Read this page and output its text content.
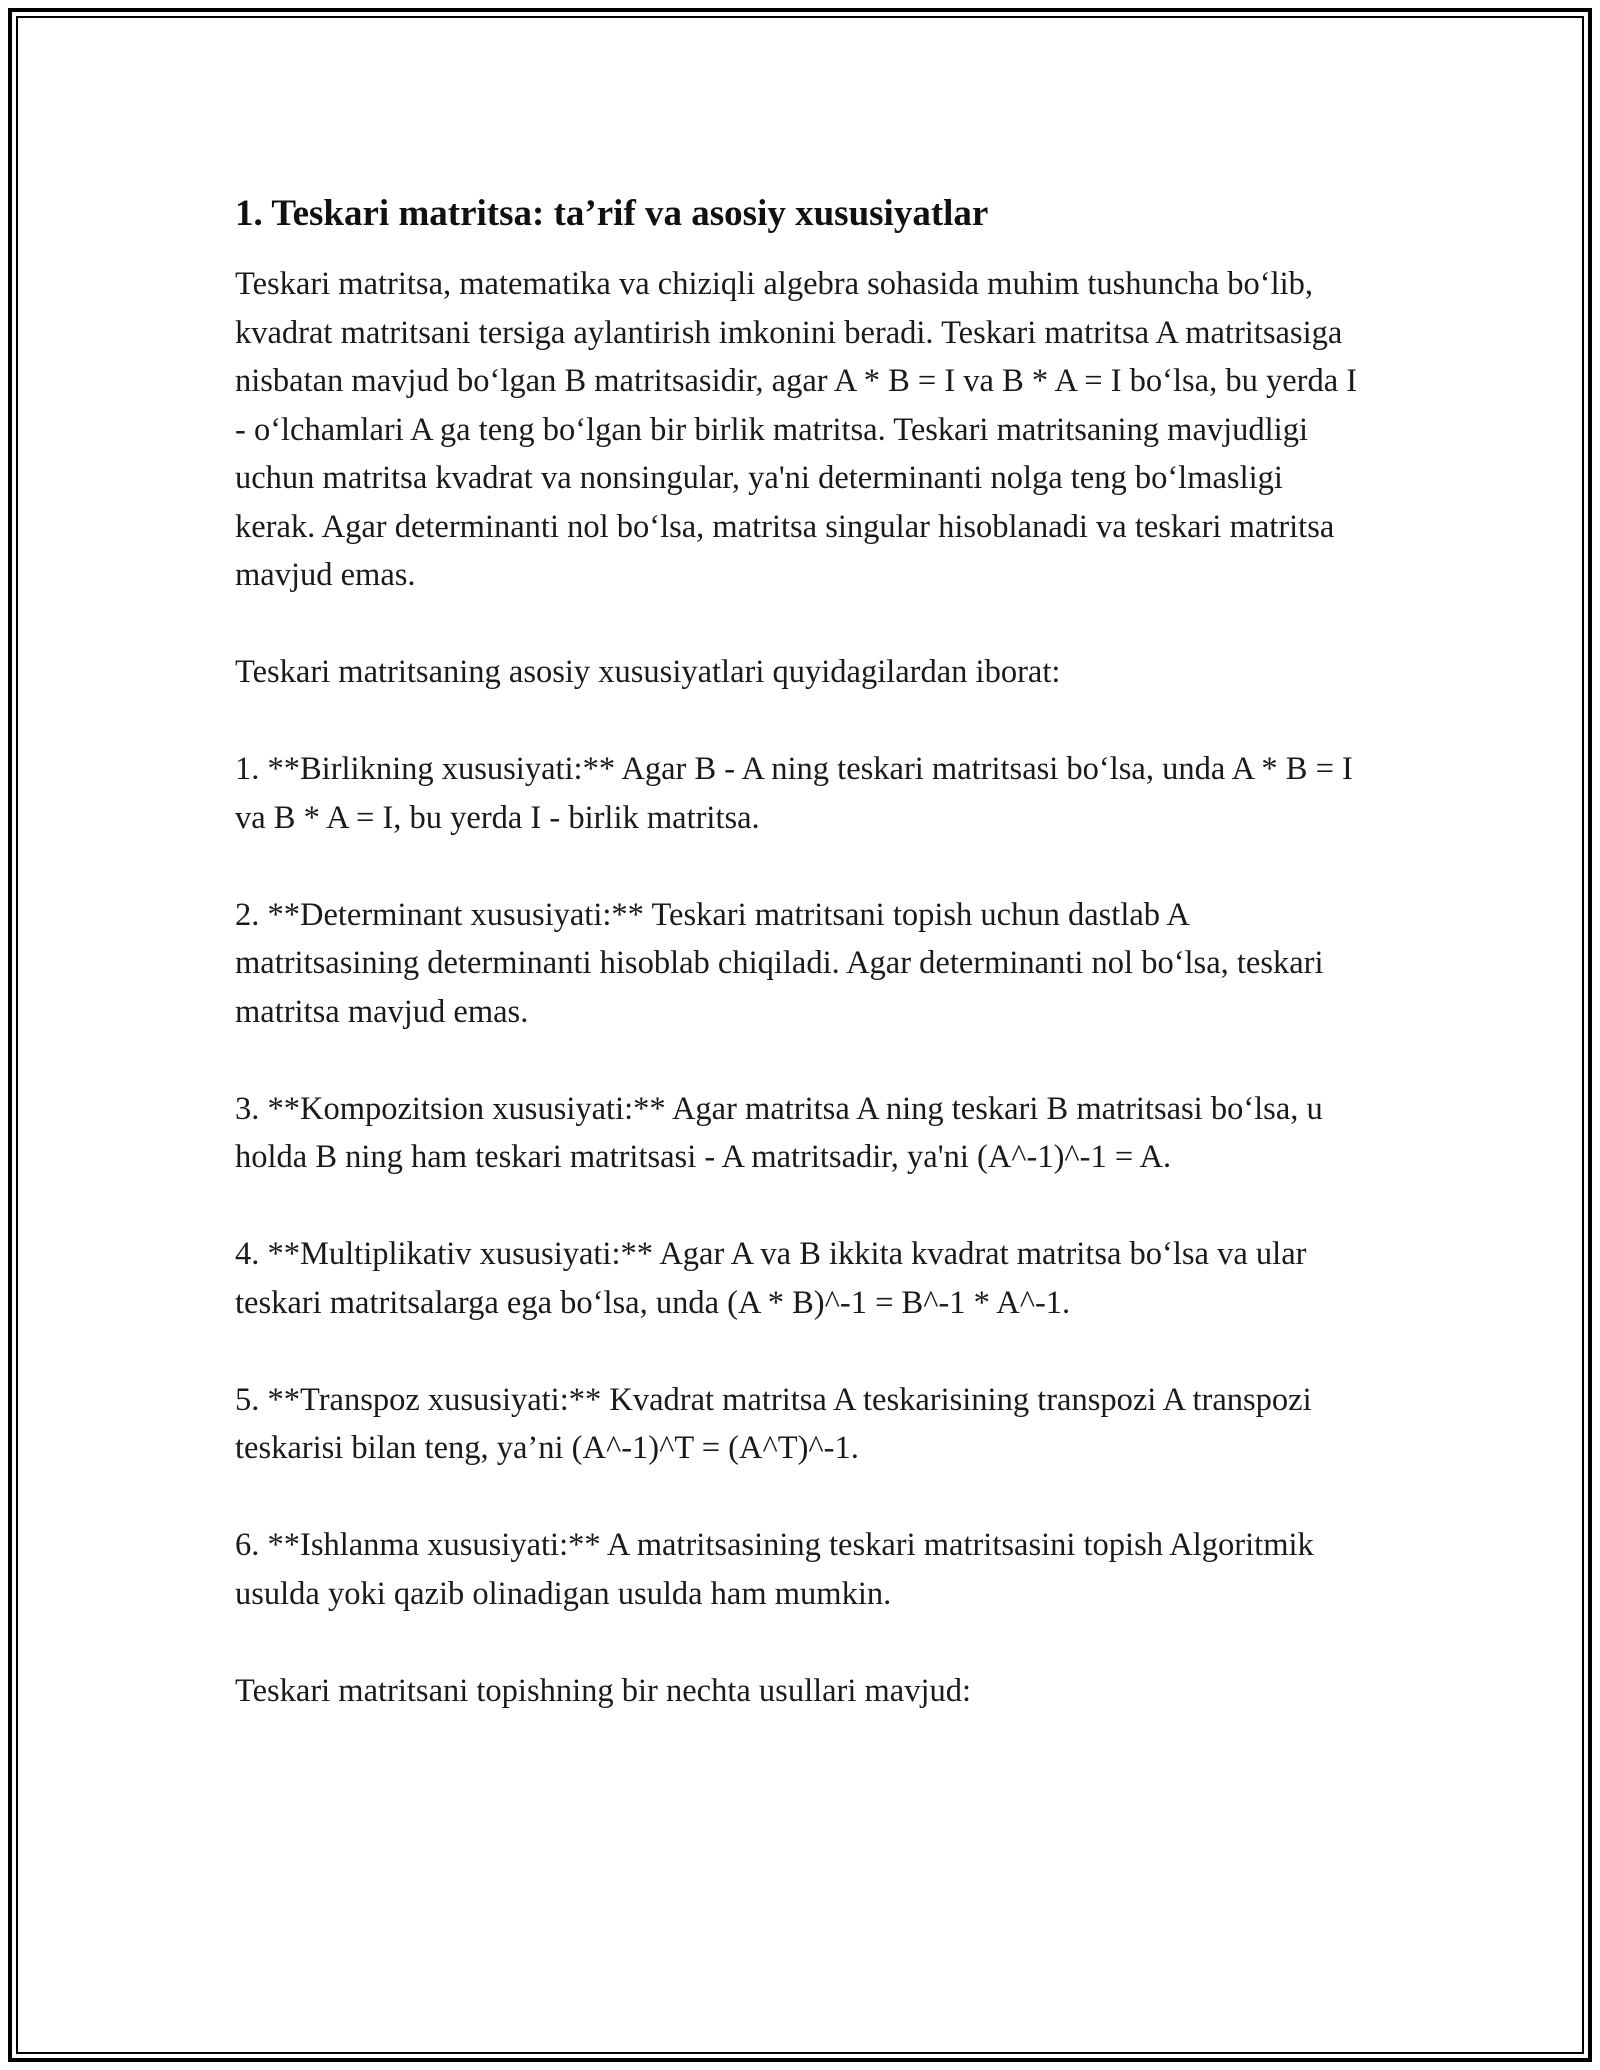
1. Teskari matritsa: ta’rif va asosiy xususiyatlar

Teskari matritsa, matematika va chiziqli algebra sohasida muhim tushuncha bo‘lib, kvadrat matritsani tersiga aylantirish imkonini beradi. Teskari matritsa A matritsasiga nisbatan mavjud bo‘lgan B matritsasidir, agar A * B = I va B * A = I bo‘lsa, bu yerda I - o‘lchamlari A ga teng bo‘lgan bir birlik matritsa. Teskari matritsaning mavjudligi uchun matritsa kvadrat va nonsingular, ya'ni determinanti nolga teng bo‘lmasligi kerak. Agar determinanti nol bo‘lsa, matritsa singular hisoblanadi va teskari matritsa mavjud emas.

Teskari matritsaning asosiy xususiyatlari quyidagilardan iborat:

1. **Birlikning xususiyati:** Agar B - A ning teskari matritsasi bo‘lsa, unda A * B = I va B * A = I, bu yerda I - birlik matritsa.

2. **Determinant xususiyati:** Teskari matritsani topish uchun dastlab A matritsasining determinanti hisoblab chiqiladi. Agar determinanti nol bo‘lsa, teskari matritsa mavjud emas.

3. **Kompozitsion xususiyati:** Agar matritsa A ning teskari B matritsasi bo‘lsa, u holda B ning ham teskari matritsasi - A matritsadir, ya'ni (A^-1)^-1 = A.

4. **Multiplikativ xususiyati:** Agar A va B ikkita kvadrat matritsa bo‘lsa va ular teskari matritsalarga ega bo‘lsa, unda (A * B)^-1 = B^-1 * A^-1.

5. **Transpoz xususiyati:** Kvadrat matritsa A teskarisining transpozi A transpozi teskarisi bilan teng, ya’ni (A^-1)^T = (A^T)^-1.

6. **Ishlanma xususiyati:** A matritsasining teskari matritsasini topish Algoritmik usulda yoki qazib olinadigan usulda ham mumkin.

Teskari matritsani topishning bir nechta usullari mavjud:
